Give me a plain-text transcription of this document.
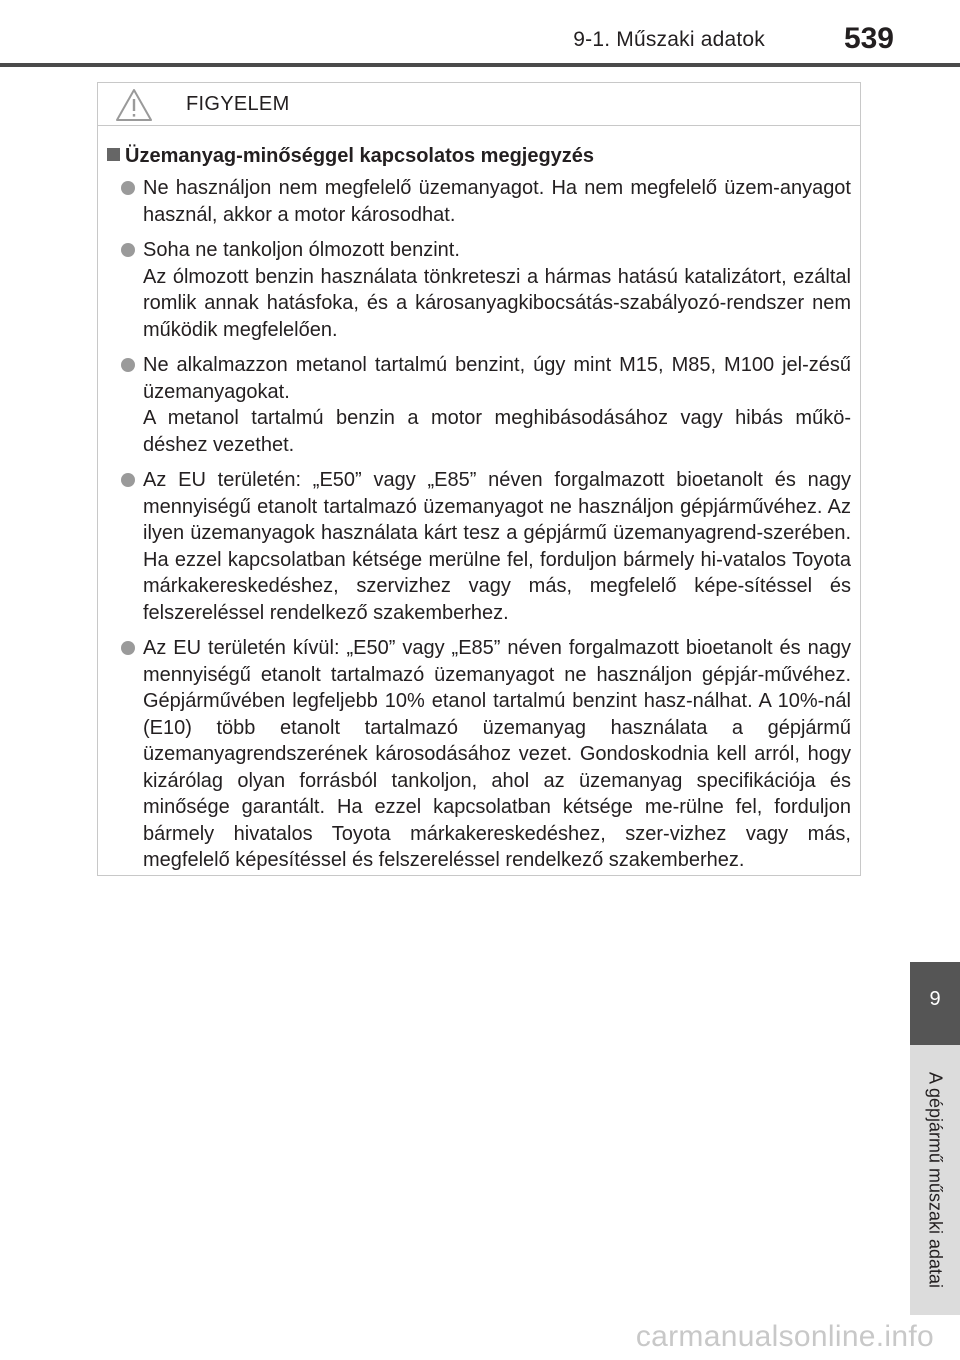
9-1. Műszaki adatok	539
FIGYELEM
Üzemanyag-minőséggel kapcsolatos megjegyzés

Ne használjon nem megfelelő üzemanyagot. Ha nem megfelelő üzem-anyagot használ, akkor a motor károsodhat.

Soha ne tankoljon ólmozott benzint.

Az ólmozott benzin használata tönkreteszi a hármas hatású katalizátort, ezáltal romlik annak hatásfoka, és a károsanyagkibocsátás-szabályozó-rendszer nem működik megfelelően.

Ne alkalmazzon metanol tartalmú benzint, úgy mint M15, M85, M100 jel-zésű üzemanyagokat.

A metanol tartalmú benzin a motor meghibásodásához vagy hibás műkö-déshez vezethet.

Az EU területén: „E50” vagy „E85” néven forgalmazott bioetanolt és nagy mennyiségű etanolt tartalmazó üzemanyagot ne használjon gépjárművéhez. Az ilyen üzemanyagok használata kárt tesz a gépjármű üzemanyagrend-szerében. Ha ezzel kapcsolatban kétsége merülne fel, forduljon bármely hi-vatalos Toyota márkakereskedéshez, szervizhez vagy más, megfelelő képe-sítéssel és felszereléssel rendelkező szakemberhez.

Az EU területén kívül: „E50” vagy „E85” néven forgalmazott bioetanolt és nagy mennyiségű etanolt tartalmazó üzemanyagot ne használjon gépjár-művéhez. Gépjárművében legfeljebb 10% etanol tartalmú benzint hasz-nálhat. A 10%-nál (E10) több etanolt tartalmazó üzemanyag használata a gépjármű üzemanyagrendszerének károsodásához vezet. Gondoskodnia kell arról, hogy kizárólag olyan forrásból tankoljon, ahol az üzemanyag specifikációja és minősége garantált. Ha ezzel kapcsolatban kétsége me-rülne fel, forduljon bármely hivatalos Toyota márkakereskedéshez, szer-vizhez vagy más, megfelelő képesítéssel és felszereléssel rendelkező szakemberhez.

9
A gépjármű műszaki adatai
carmanualsonline.info
